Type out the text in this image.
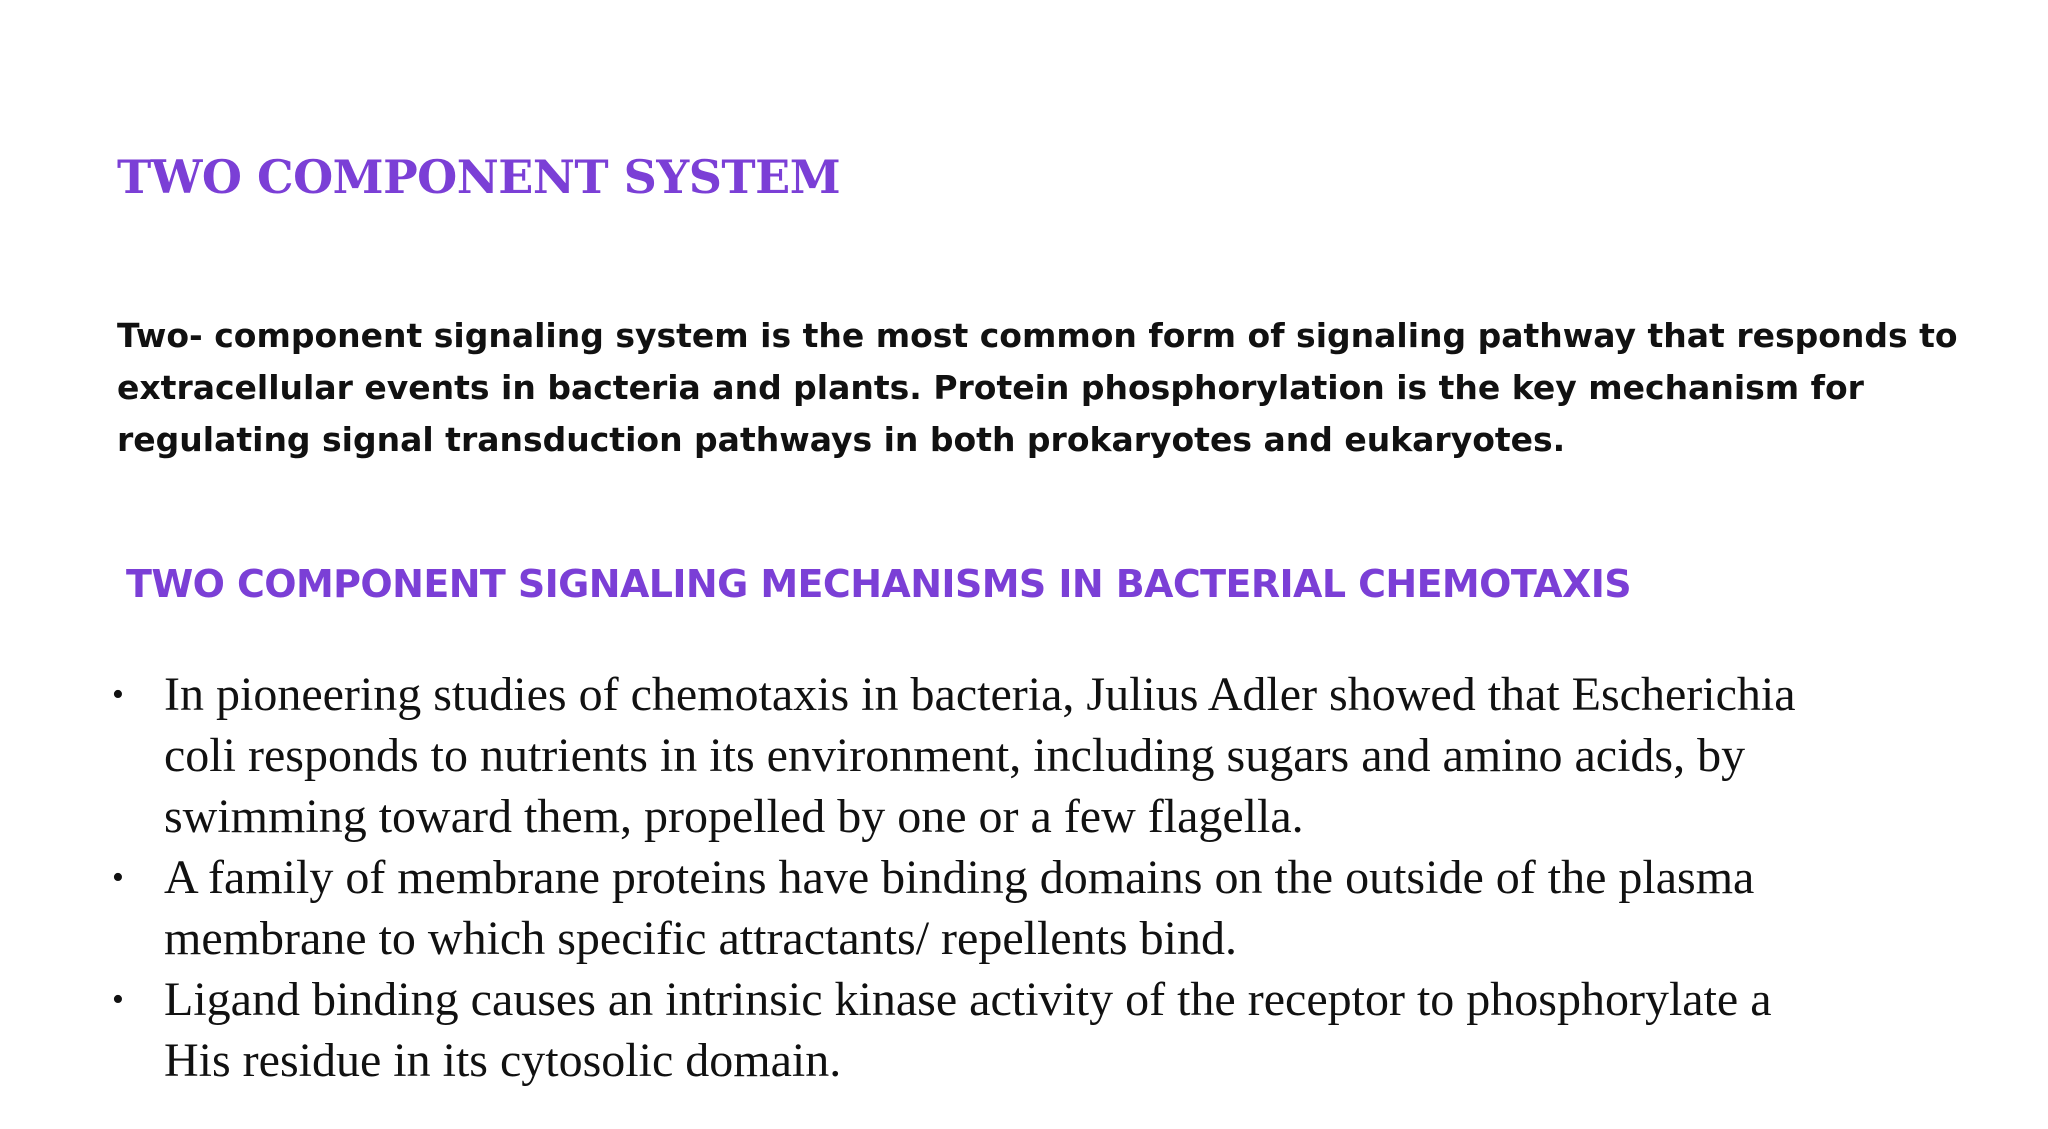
TWO COMPONENT SYSTEM

Two- component signaling system is the most common form of signaling pathway that responds to
extracellular events in bacteria and plants. Protein phosphorylation is the key mechanism for
regulating signal transduction pathways in both prokaryotes and eukaryotes.

TWO COMPONENT SIGNALING MECHANISMS IN BACTERIAL CHEMOTAXIS
• In pioneering studies of chemotaxis in bacteria, Julius Adler showed that Escherichia
coli responds to nutrients in its environment, including sugars and amino acids, by
swimming toward them, propelled by one or a few flagella.
• A family of membrane proteins have binding domains on the outside of the plasma
membrane to which specific attractants/ repellents bind.
• Ligand binding causes an intrinsic kinase activity of the receptor to phosphorylate a
His residue in its cytosolic domain.
